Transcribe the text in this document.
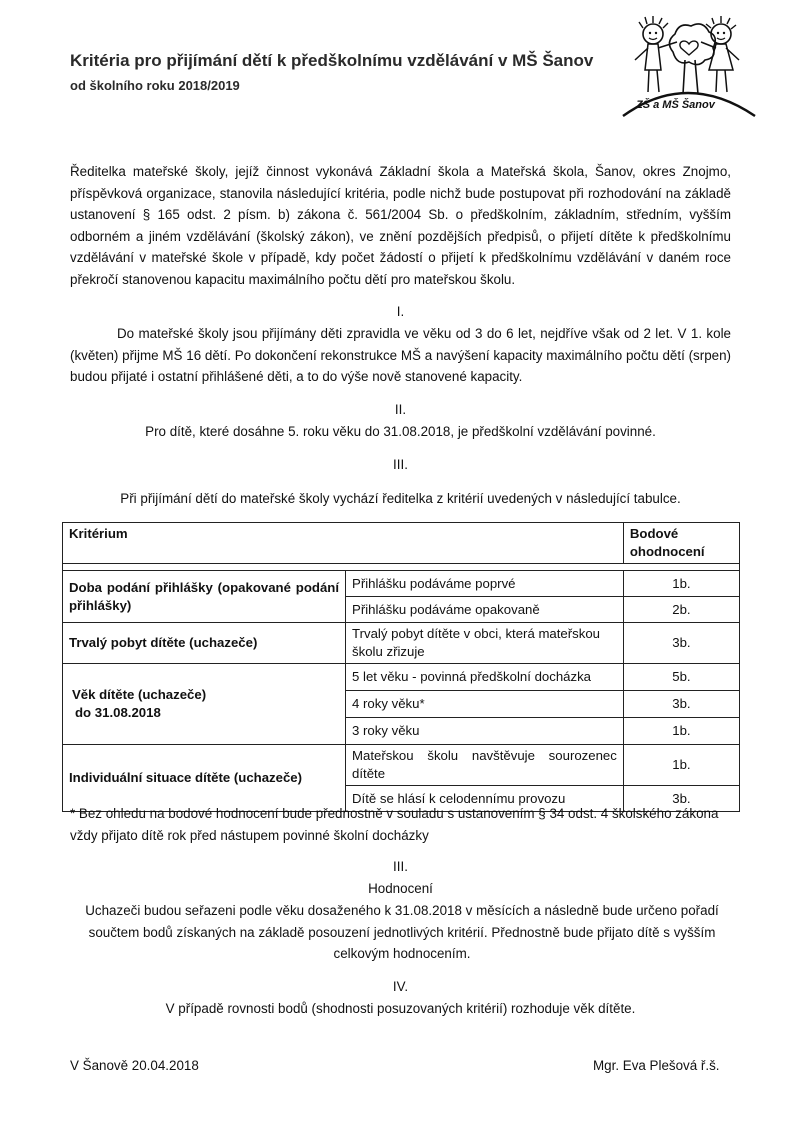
Kritéria pro přijímání dětí k předškolnímu vzdělávání v MŠ Šanov
od školního roku 2018/2019
ZŠ a MŠ Šanov
Ředitelka mateřské školy, jejíž činnost vykonává Základní škola a Mateřská škola, Šanov, okres Znojmo, příspěvková organizace, stanovila následující kritéria, podle nichž bude postupovat při rozhodování na základě ustanovení § 165 odst. 2 písm. b) zákona č. 561/2004 Sb. o předškolním, základním, středním, vyšším odborném a jiném vzdělávání (školský zákon), ve znění pozdějších předpisů, o přijetí dítěte k předškolnímu vzdělávání v mateřské škole v případě, kdy počet žádostí o přijetí k předškolnímu vzdělávání v daném roce překročí stanovenou kapacitu maximálního počtu dětí pro mateřskou školu.
I.
Do mateřské školy jsou přijímány děti zpravidla ve věku od 3 do 6 let, nejdříve však od 2 let. V 1. kole (květen) přijme MŠ 16 dětí. Po dokončení rekonstrukce MŠ a navýšení kapacity maximálního počtu dětí (srpen) budou přijaté i ostatní přihlášené děti, a to do výše nově stanovené kapacity.
II.
Pro dítě, které dosáhne 5. roku věku do 31.08.2018, je předškolní vzdělávání povinné.
III.
Při přijímání dětí do mateřské školy vychází ředitelka z kritérií uvedených v následující tabulce.
Kritérium		Bodové ohodnocení

Doba podání přihlášky (opakované podání přihlášky)	Přihlášku podáváme poprvé	1b.
	Přihlášku podáváme opakovaně	2b.
Trvalý pobyt dítěte (uchazeče)	Trvalý pobyt dítěte v obci, která mateřskou školu zřizuje	3b.

Věk dítěte (uchazeče)
do 31.08.2018	5 let věku - povinná předškolní docházka	5b.
	4 roky věku*	3b.
	3 roky věku	1b.
Individuální situace dítěte (uchazeče)	Mateřskou školu navštěvuje sourozenec dítěte	1b.
	Dítě se hlásí k celodennímu provozu	3b.
* Bez ohledu na bodové hodnocení bude přednostně v souladu s ustanovením § 34 odst. 4 školského zákona vždy přijato dítě rok před nástupem povinné školní docházky
III.
Hodnocení
Uchazeči budou seřazeni podle věku dosaženého k 31.08.2018 v měsících a následně bude určeno pořadí součtem bodů získaných na základě posouzení jednotlivých kritérií. Přednostně bude přijato dítě s vyšším celkovým hodnocením.
IV.
V případě rovnosti bodů (shodnosti posuzovaných kritérií) rozhoduje věk dítěte.
V Šanově 20.04.2018	Mgr. Eva Plešová ř.š.
